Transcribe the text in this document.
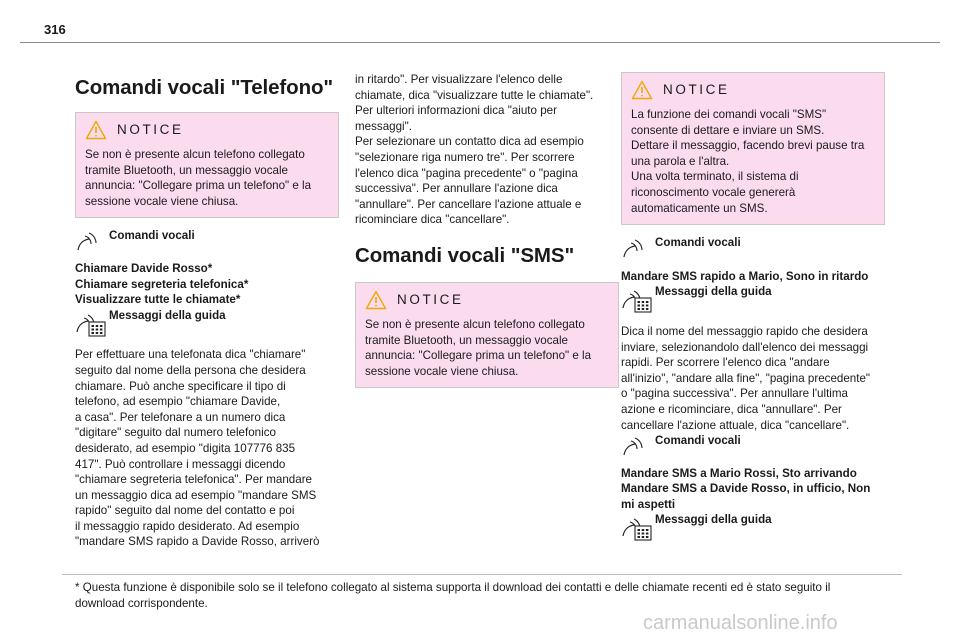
316
Comandi vocali "Telefono"
NOTICE

Se non è presente alcun telefono collegato

tramite Bluetooth, un messaggio vocale

annuncia: "Collegare prima un telefono" e la

sessione vocale viene chiusa.

Comandi vocali

Chiamare Davide Rosso*

Chiamare segreteria telefonica*

Visualizzare tutte le chiamate*

Messaggi della guida

Per effettuare una telefonata dica "chiamare"

seguito dal nome della persona che desidera

chiamare. Può anche specificare il tipo di

telefono, ad esempio "chiamare Davide,

a casa". Per telefonare a un numero dica

"digitare" seguito dal numero telefonico

desiderato, ad esempio "digita 107776 835

417". Può controllare i messaggi dicendo

"chiamare segreteria telefonica". Per mandare

un messaggio dica ad esempio "mandare SMS

rapido" seguito dal nome del contatto e poi

il messaggio rapido desiderato. Ad esempio

"mandare SMS rapido a Davide Rosso, arriverò

in ritardo". Per visualizzare l'elenco delle

chiamate, dica "visualizzare tutte le chiamate".

Per ulteriori informazioni dica "aiuto per

messaggi".

Per selezionare un contatto dica ad esempio

"selezionare riga numero tre". Per scorrere

l'elenco dica "pagina precedente" o "pagina

successiva". Per annullare l'azione dica

"annullare". Per cancellare l'azione attuale e

ricominciare dica "cancellare".

Comandi vocali "SMS"
NOTICE

Se non è presente alcun telefono collegato

tramite Bluetooth, un messaggio vocale

annuncia: "Collegare prima un telefono" e la

sessione vocale viene chiusa.

NOTICE

La funzione dei comandi vocali "SMS"

consente di dettare e inviare un SMS.

Dettare il messaggio, facendo brevi pause tra

una parola e l'altra.

Una volta terminato, il sistema di

riconoscimento vocale genererà

automaticamente un SMS.

Comandi vocali

Mandare SMS rapido a Mario, Sono in ritardo

Messaggi della guida

Dica il nome del messaggio rapido che desidera

inviare, selezionandolo dall'elenco dei messaggi

rapidi. Per scorrere l'elenco dica "andare

all'inizio", "andare alla fine", "pagina precedente"

o "pagina successiva". Per annullare l'ultima

azione e ricominciare, dica "annullare". Per

cancellare l'azione attuale, dica "cancellare".

Comandi vocali

Mandare SMS a Mario Rossi, Sto arrivando

Mandare SMS a Davide Rosso, in ufficio, Non

mi aspetti

Messaggi della guida
* Questa funzione è disponibile solo se il telefono collegato al sistema supporta il download dei contatti e delle chiamate recenti ed è stato seguito il
download corrispondente.
carmanualsonline.info
